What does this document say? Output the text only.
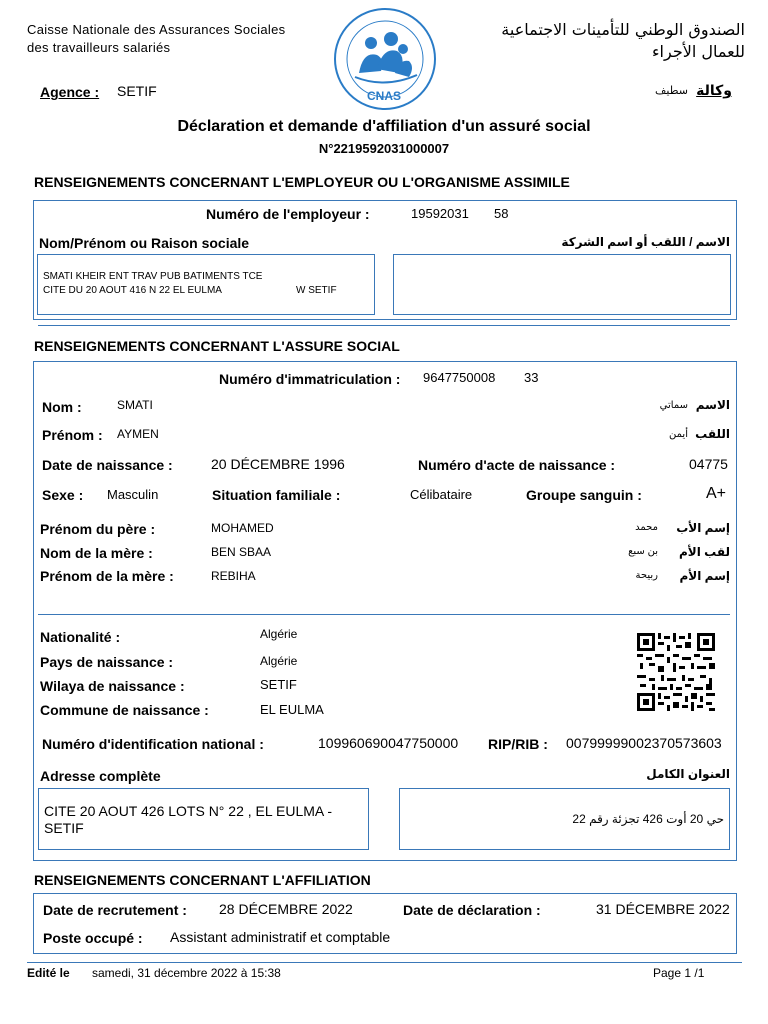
Caisse Nationale des Assurances Sociales
des travailleurs salariés
الصندوق الوطني للتأمينات الاجتماعية
للعمال الأجراء
CNAS
Agence : SETIF	وكالة
سطيف
Déclaration et demande d'affiliation d'un assuré social
N°2219592031000007
RENSEIGNEMENTS CONCERNANT L'EMPLOYEUR OU L'ORGANISME ASSIMILE
Numéro de l'employeur :	19592031 58
Nom/Prénom ou Raison sociale	الاسم / اللقب أو اسم الشركة
SMATI KHEIR ENT TRAV PUB BATIMENTS TCE
CITE DU 20 AOUT 416 N 22 EL EULMA	W SETIF
RENSEIGNEMENTS CONCERNANT L'ASSURE SOCIAL
Numéro d'immatriculation : 9647750008 33
Nom :	SMATI	الاسم
سماتي
Prénom : AYMEN	اللقب
أيمن
Date de naissance :	20 DÉCEMBRE 1996	Numéro d'acte de naissance :	04775
Sexe : Masculin	Situation familiale :	Célibataire	Groupe sanguin :	A+
Prénom du père :	MOHAMED	إسم الأب
محمد
Nom de la mère :	BEN SBAA	لقب الأم
بن سبع
Prénom de la mère :	REBIHA	إسم الأم
ربيحة
Nationalité :	Algérie
Pays de naissance :	Algérie
Wilaya de naissance :	SETIF
Commune de naissance :	EL EULMA
Numéro d'identification national :	109960690047750000 RIP/RIB : 00799999002370573603
Adresse complète	العنوان الكامل
CITE 20 AOUT 426 LOTS N° 22 , EL EULMA -
SETIF
حي 20 أوت 426 تجزئة رقم 22
RENSEIGNEMENTS CONCERNANT L'AFFILIATION
Date de recrutement : 28 DÉCEMBRE 2022	Date de déclaration :	31 DÉCEMBRE 2022
Poste occupé : Assistant administratif et comptable
Edité le samedi, 31 décembre 2022 à 15:38	Page 1 /1
